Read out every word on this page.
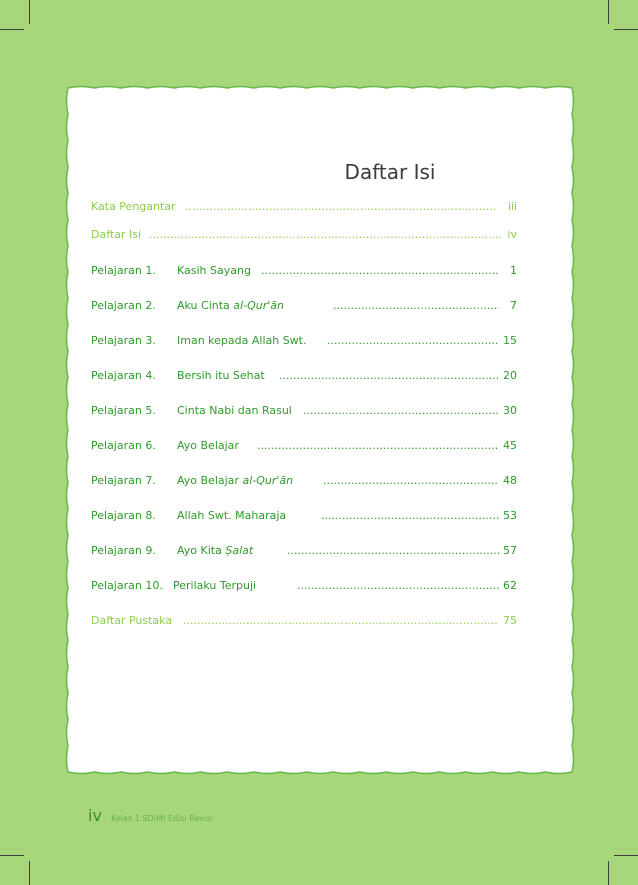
Daftar Isi
Kata Pengantar .....	iii
Daftar Isi .....	iv
Pelajaran 1. Kasih Sayang .....	1
Pelajaran 2. Aku Cinta al-Qur'ān .....	7
Pelajaran 3. Iman kepada Allah Swt. .....	15
Pelajaran 4. Bersih itu Sehat .....	20
Pelajaran 5. Cinta Nabi dan Rasul .....	30
Pelajaran 6. Ayo Belajar .....	45
Pelajaran 7. Ayo Belajar al-Qur'ān .....	48
Pelajaran 8. Allah Swt. Maharaja .....	53
Pelajaran 9. Ayo Kita Ṣalat .....	57
Pelajaran 10. Perilaku Terpuji .....	62
Daftar Pustaka .....	75
iv Kelas 1 SD/MI Edisi Revisi
